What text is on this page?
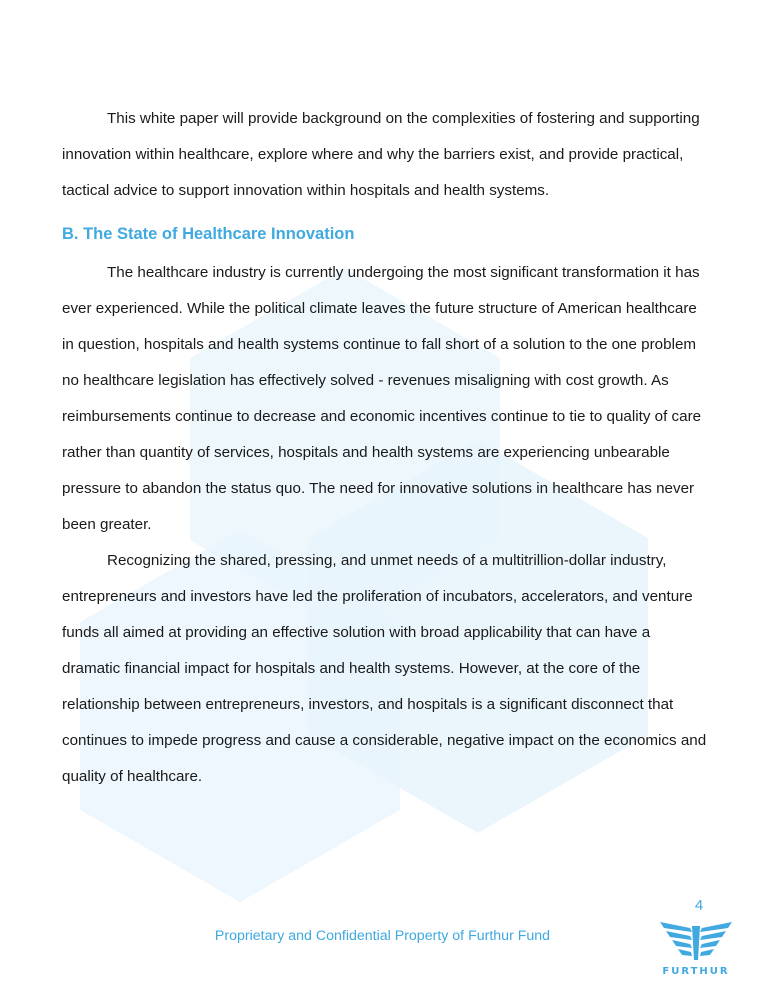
This white paper will provide background on the complexities of fostering and supporting innovation within healthcare, explore where and why the barriers exist, and provide practical, tactical advice to support innovation within hospitals and health systems.

B. The State of Healthcare Innovation

The healthcare industry is currently undergoing the most significant transformation it has ever experienced. While the political climate leaves the future structure of American healthcare in question, hospitals and health systems continue to fall short of a solution to the one problem no healthcare legislation has effectively solved - revenues misaligning with cost growth. As reimbursements continue to decrease and economic incentives continue to tie to quality of care rather than quantity of services, hospitals and health systems are experiencing unbearable pressure to abandon the status quo. The need for innovative solutions in healthcare has never been greater.

Recognizing the shared, pressing, and unmet needs of a multitrillion-dollar industry, entrepreneurs and investors have led the proliferation of incubators, accelerators, and venture funds all aimed at providing an effective solution with broad applicability that can have a dramatic financial impact for hospitals and health systems. However, at the core of the relationship between entrepreneurs, investors, and hospitals is a significant disconnect that continues to impede progress and cause a considerable, negative impact on the economics and quality of healthcare.

4
Proprietary and Confidential Property of Furthur Fund
FURTHUR
